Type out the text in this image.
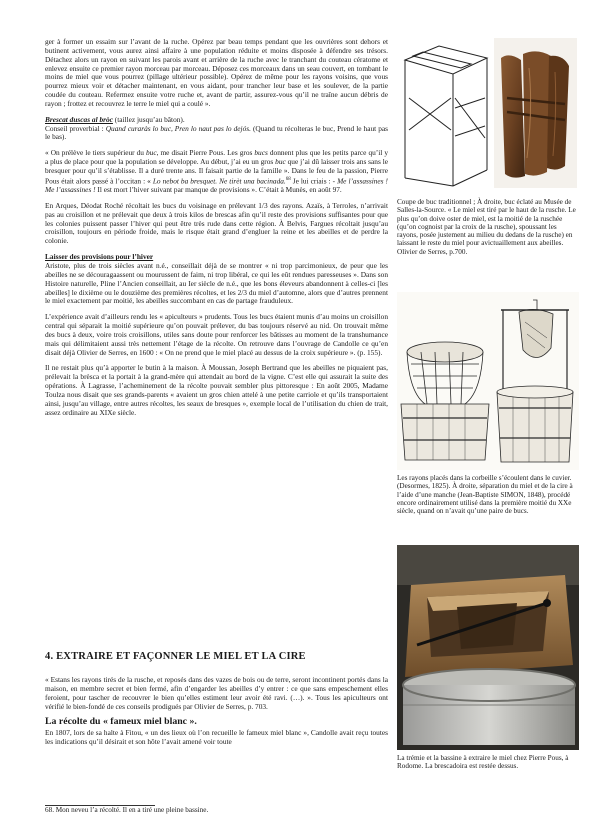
ger à former un essaim sur l’avant de la ruche. Opérez par beau temps pendant que les ouvrières sont dehors et butinent activement, vous aurez ainsi affaire à une population réduite et moins disposée à défendre ses trésors. Détachez alors un rayon en suivant les parois avant et arrière de la ruche avec le tranchant du couteau cératome et enlevez ensuite ce premier rayon morceau par morceau. Déposez ces morceaux dans un seau couvert, en tombant le moins de miel que vous pourrez (pillage ultérieur possible). Opérez de même pour les rayons voisins, que vous pourrez mieux voir et détacher maintenant, en vous aidant, pour trancher leur base et les soulever, de la partie coudée du couteau. Refermez ensuite votre ruche et, avant de partir, assurez-vous qu’il ne traîne aucun débris de rayon ; frottez et recouvrez le terre le miel qui a coulé ».

Brescat duscas al bròc (taillez jusqu’au bâton).

Conseil proverbial : Quand curaràs lo buc, Pren lo naut pas lo dejós. (Quand tu récolteras le buc, Prend le haut pas le bas).

« On prélève le tiers supérieur du buc, me disait Pierre Pous. Les gros bucs donnent plus que les petits parce qu’il y a plus de place pour que la population se développe. Au début, j’ai eu un gros buc que j’ai dû laisser trois ans sans le bresquer pour qu’il s’établisse. Il a duré trente ans. Il faisait partie de la famille ». Dans le feu de la passion, Pierre Pous était alors passé à l’occitan : « Lo nebot ba bresquet. Ne tirèt una bacinada.$^{68}$ Je lui criais : - Me l’assassines ! Me l’assassines ! Il est mort l’hiver suivant par manque de provisions ». C’était à Munès, en août 97.

En Arques, Déodat Roché récoltait les bucs du voisinage en prélevant 1/3 des rayons. Azaïs, à Terroles, n’arrivait pas au croisillon et ne prélevait que deux à trois kilos de brescas afin qu’il reste des provisions suffisantes pour que les colonies puissent passer l’hiver qui peut être très rude dans cette région. À Belvis, Fargues récoltait jusqu’au croisillon, toujours en période froide, mais le risque était grand d’engluer la reine et les abeilles et de perdre la colonie.

Laisser des provisions pour l’hiver
Aristote, plus de trois siècles avant n.é., conseillait déjà de se montrer « ni trop parcimonieux, de peur que les abeilles ne se découragaassent ou mourussent de faim, ni trop libéral, ce qui les eût rendues paresseuses ». Dans son Histoire naturelle, Pline l’Ancien conseillait, au Ier siècle de n.é., que les bons éleveurs abandonnent à celles-ci [les abeilles] le dixième ou le douzième des premières récoltes, et les 2/3 du miel d’automne, alors que d’autres prennent le miel exactement par moitié, les abeilles succombant en cas de partage frauduleux.

L’expérience avait d’ailleurs rendu les « apiculteurs » prudents. Tous les bucs étaient munis d’au moins un croisillon central qui séparait la moitié supérieure qu’on pouvait prélever, du bas toujours réservé au nid. On trouvait même des bucs à deux, voire trois croisillons, utiles sans doute pour renforcer les bâtisses au moment de la transhumance mais qui délimitaient aussi très nettement l’étage de la récolte. On retrouve dans l’ouvrage de Candolle ce qu’en disait déjà Olivier de Serres, en 1600 : « On ne prend que le miel placé au dessus de la croix supérieure ». (p. 155).

Il ne restait plus qu’à apporter le butin à la maison. À Moussan, Joseph Bertrand que les abeilles ne piquaient pas, prélevait la brèsca et la portait à la grand-mère qui attendait au bord de la vigne. C’est elle qui assurait la suite des opérations. À Lagrasse, l’acheminement de la récolte pouvait sembler plus pittoresque : En août 2005, Madame Toulza nous disait que ses grands-parents « avaient un gros chien attelé à une petite carriole et qu’ils transportaient ainsi, jusqu’au village, entre autres récoltes, les seaux de bresques », exemple local de l’utilisation du chien de trait, assez ordinaire au XIXe siècle.

4. EXTRAIRE ET FAÇONNER LE MIEL ET LA CIRE

« Estans les rayons tirés de la rusche, et reposés dans des vazes de bois ou de terre, seront incontinent portés dans la maison, en membre secret et bien fermé, afin d’engarder les abeilles d’y entrer : ce que sans empeschement elles feroient, pour tascher de recouvrer le bien qu’elles estiment leur avoir été ravi. (…). ». Tous les apiculteurs ont vérifié le bien-fondé de ces conseils prodigués par Olivier de Serres, p. 703.

La récolte du « fameux miel blanc ».

En 1807, lors de sa halte à Fitou, « un des lieux où l’on recueille le fameux miel blanc », Candolle avait reçu toutes les indications qu’il désirait et son hôte l’avait amené voir toute

68. Mon neveu l’a récolté. Il en a tiré une pleine bassine.
Coupe de buc traditionnel ; À droite, buc éclaté au Musée de Salles-la-Source. « Le miel est tiré par le haut de la rusche. Le plus qu’on doive oster de miel, est la moitié de la ruschée (qu’on cognoist par la croix de la rusche), spoussant les rayons, posée justement au milieu du dedans de la rusche) en laissant le reste du miel pour avictuaillement aux abeilles. Olivier de Serres, p.700.
Les rayons placés dans la corbeille s’écoulent dans le cuvier. (Desormes, 1825). À droite, séparation du miel et de la cire à l’aide d’une manche (Jean-Baptiste SIMON, 1848), procédé encore ordinairement utilisé dans la première moitié du XXe siècle, quand on n’avait qu’une paire de bucs.
La trémie et la bassine à extraire le miel chez Pierre Pous, à Rodome. La brescadoira est restée dessus.
